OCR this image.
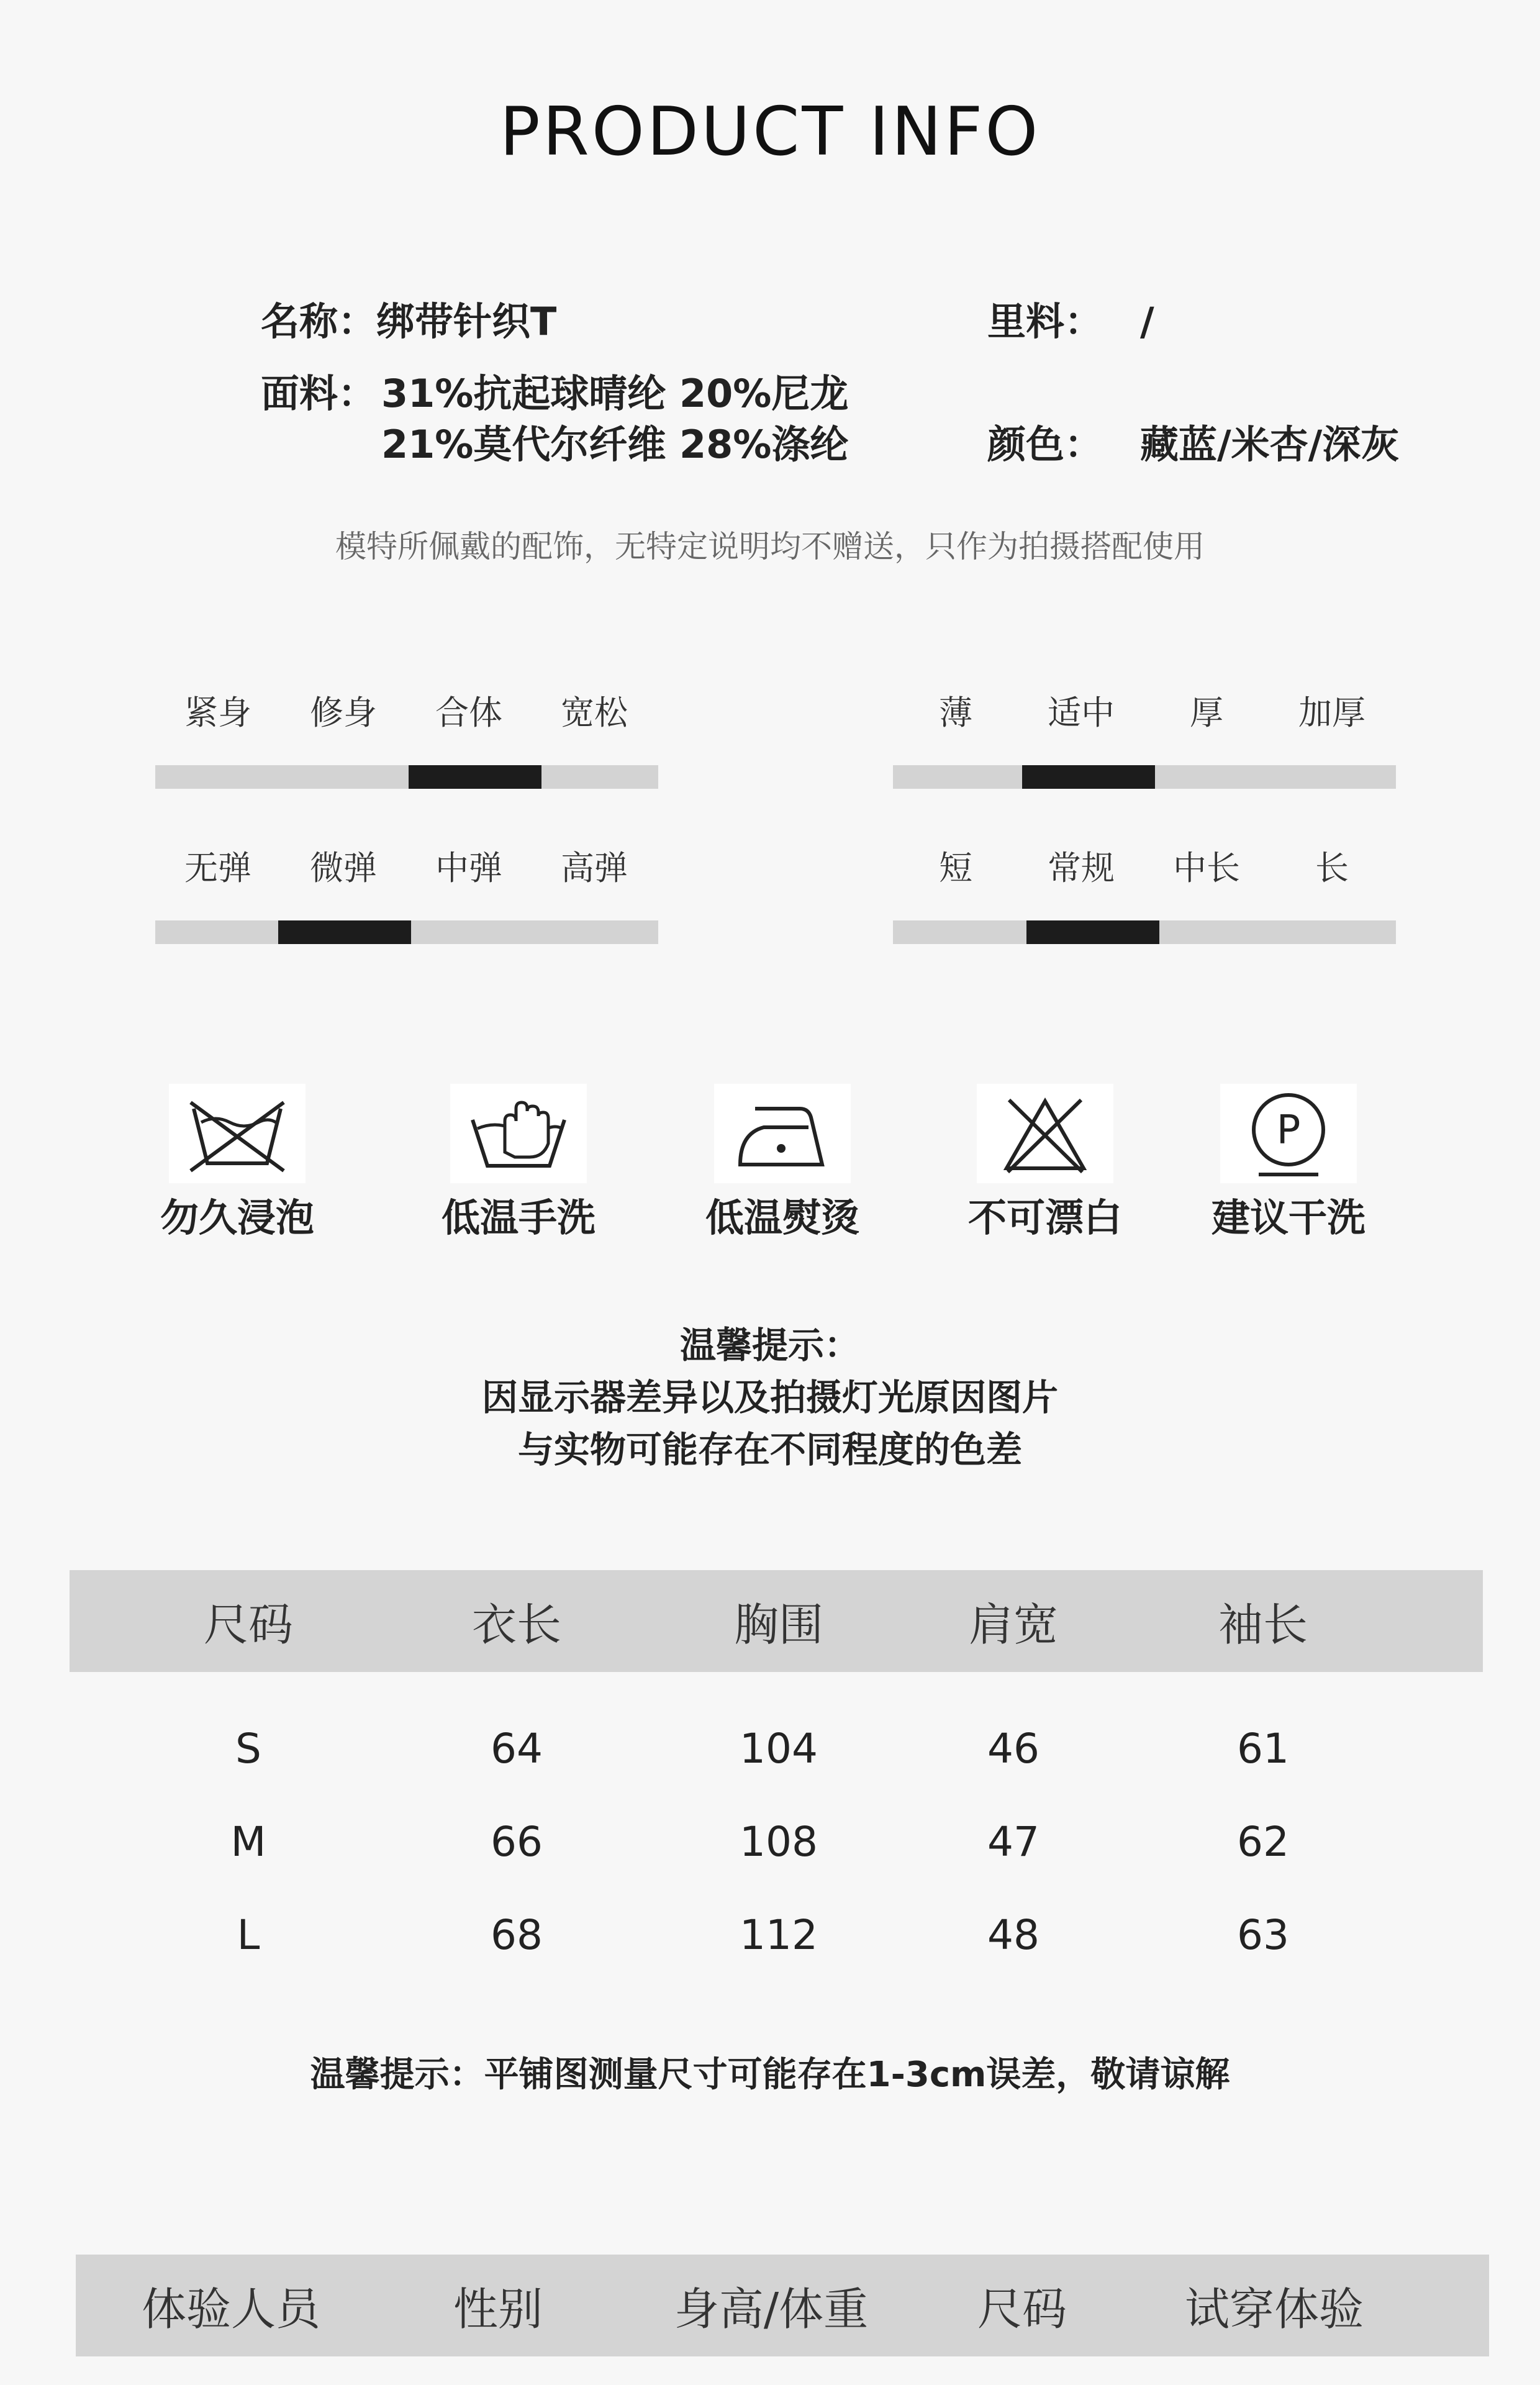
PRODUCT INFO
名称：绑带针织T	里料： /
面料： 31%抗起球晴纶 20%尼龙
21%莫代尔纤维 28%涤纶	颜色： 藏蓝/米杏/深灰
模特所佩戴的配饰，无特定说明均不赠送，只作为拍摄搭配使用
紧身	修身	合体	宽松	薄	适中	厚	加厚
无弹	微弹	中弹	高弹	短	常规	中长	长
勿久浸泡	低温手洗	低温熨烫	不可漂白
P
建议干洗
温馨提示：
因显示器差异以及拍摄灯光原因图片
与实物可能存在不同程度的色差
尺码	衣长	胸围	肩宽	袖长
S	64	104	46	61
M	66	108	47	62
L	68	112	48	63
温馨提示：平铺图测量尺寸可能存在1-3cm误差，敬请谅解
体验人员	性别	身高/体重	尺码	试穿体验
